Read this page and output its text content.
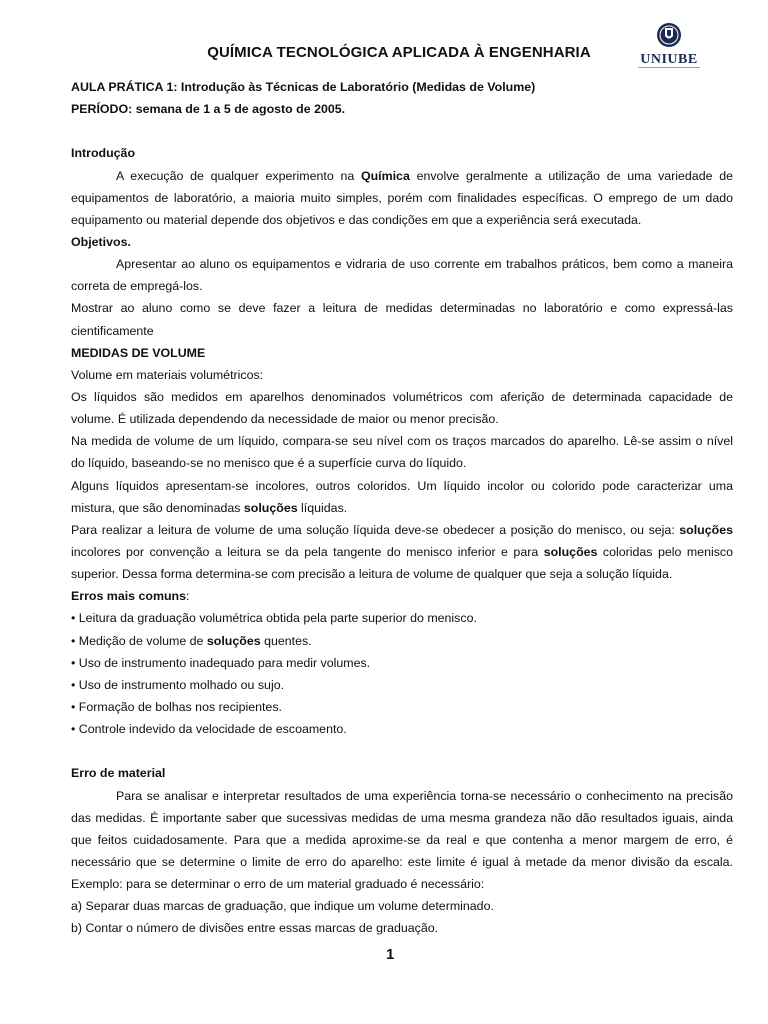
QUÍMICA TECNOLÓGICA APLICADA À ENGENHARIA	UNIUBE
AULA PRÁTICA 1: Introdução às Técnicas de Laboratório (Medidas de Volume)
PERÍODO: semana de 1 a 5 de agosto de 2005.
Introdução
A execução de qualquer experimento na Química envolve geralmente a utilização de uma variedade de
equipamentos de laboratório, a maioria muito simples, porém com finalidades específicas. O emprego de um dado
equipamento ou material depende dos objetivos e das condições em que a experiência será executada.
Objetivos.
Apresentar ao aluno os equipamentos e vidraria de uso corrente em trabalhos práticos, bem como a maneira
correta de empregá-los.
Mostrar ao aluno como se deve fazer a leitura de medidas determinadas no laboratório e como expressá-las
cientificamente
MEDIDAS DE VOLUME
Volume em materiais volumétricos:
Os líquidos são medidos em aparelhos denominados volumétricos com aferição de determinada capacidade de
volume. É utilizada dependendo da necessidade de maior ou menor precisão.
Na medida de volume de um líquido, compara-se seu nível com os traços marcados do aparelho. Lê-se assim o nível
do líquido, baseando-se no menisco que é a superfície curva do líquido.
Alguns líquidos apresentam-se incolores, outros coloridos. Um líquido incolor ou colorido pode caracterizar uma
mistura, que são denominadas soluções líquidas.
Para realizar a leitura de volume de uma solução líquida deve-se obedecer a posição do menisco, ou seja: soluções
incolores por convenção a leitura se da pela tangente do menisco inferior e para soluções coloridas pelo menisco
superior. Dessa forma determina-se com precisão a leitura de volume de qualquer que seja a solução líquida.
Erros mais comuns:
• Leitura da graduação volumétrica obtida pela parte superior do menisco.
• Medição de volume de soluções quentes.
• Uso de instrumento inadequado para medir volumes.
• Uso de instrumento molhado ou sujo.
• Formação de bolhas nos recipientes.
• Controle indevido da velocidade de escoamento.
Erro de material
Para se analisar e interpretar resultados de uma experiência torna-se necessário o conhecimento na precisão
das medidas. É importante saber que sucessivas medidas de uma mesma grandeza não dão resultados iguais, ainda
que feitos cuidadosamente. Para que a medida aproxime-se da real e que contenha a menor margem de erro, é
necessário que se determine o limite de erro do aparelho: este limite é igual à metade da menor divisão da escala.
Exemplo: para se determinar o erro de um material graduado é necessário:
a) Separar duas marcas de graduação, que indique um volume determinado.
b) Contar o número de divisões entre essas marcas de graduação.
1
